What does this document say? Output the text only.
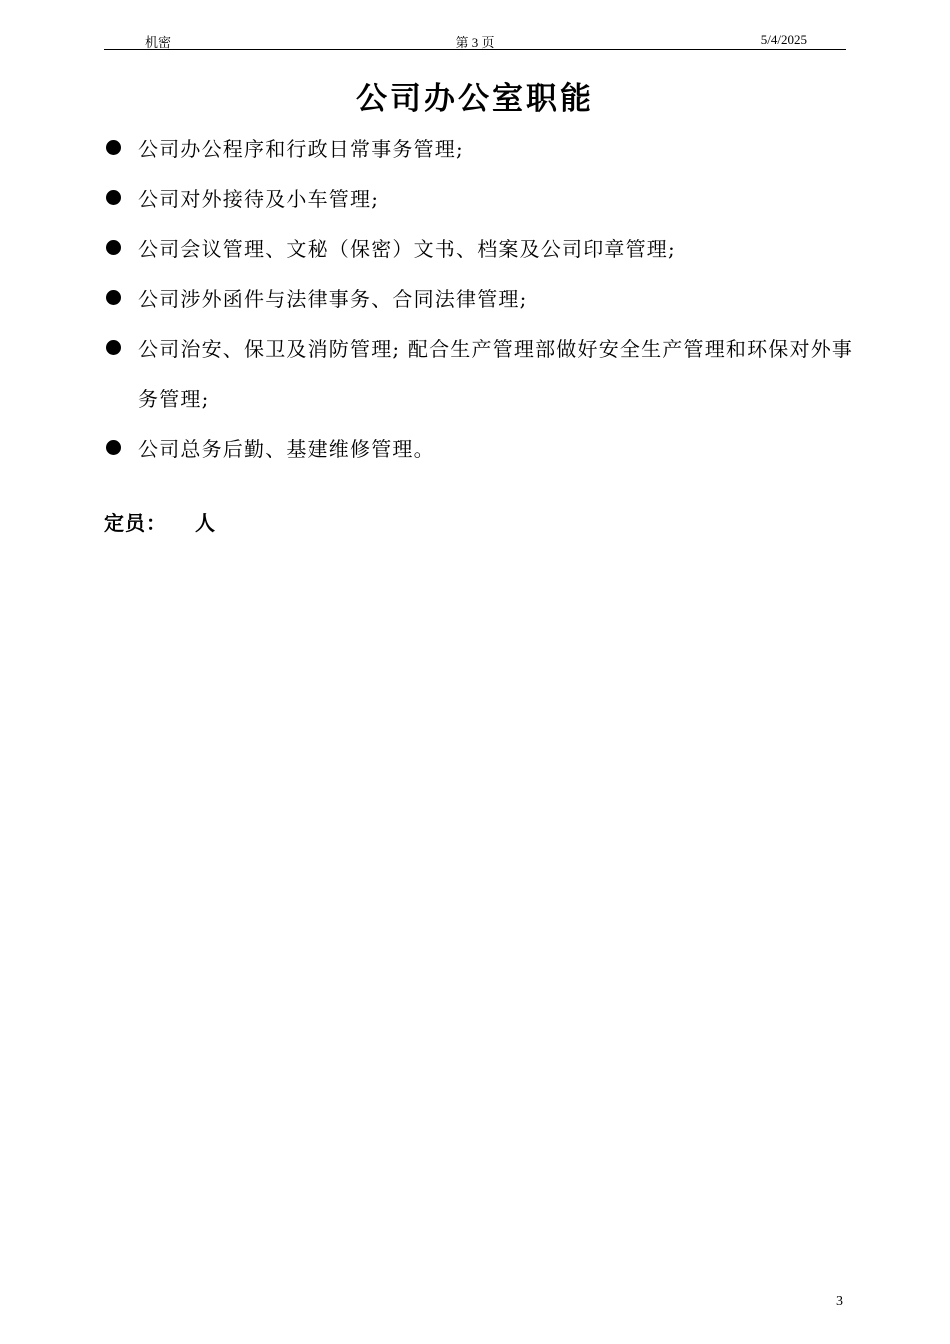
机密	第 3 页	5/4/2025
公司办公室职能
公司办公程序和行政日常事务管理;
公司对外接待及小车管理;
公司会议管理、文秘（保密）文书、档案及公司印章管理;
公司涉外函件与法律事务、合同法律管理;
公司治安、保卫及消防管理; 配合生产管理部做好安全生产管理和环保对外事务管理;
公司总务后勤、基建维修管理。

定员： 人

3
